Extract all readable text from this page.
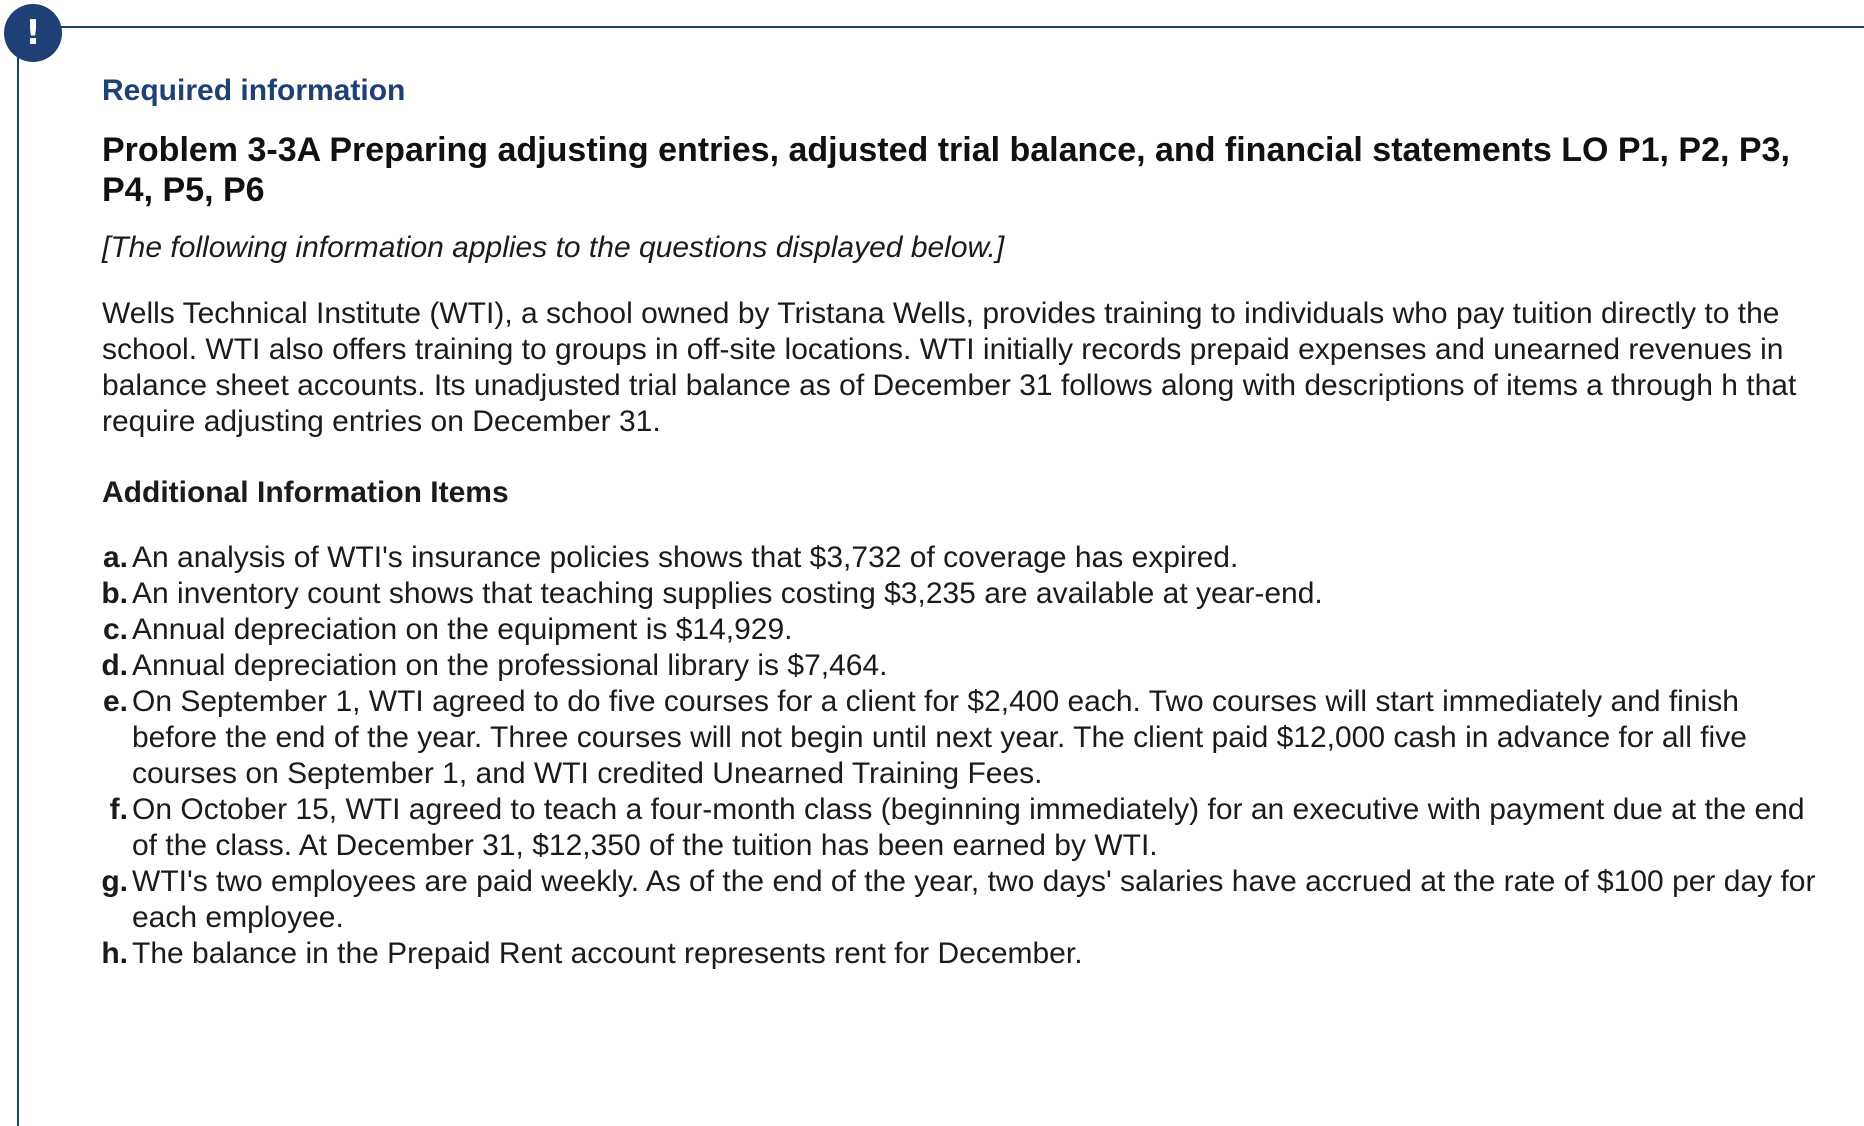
!
Required information
Problem 3-3A Preparing adjusting entries, adjusted trial balance, and financial statements LO P1, P2, P3, P4, P5, P6
[The following information applies to the questions displayed below.]
Wells Technical Institute (WTI), a school owned by Tristana Wells, provides training to individuals who pay tuition directly to the school. WTI also offers training to groups in off-site locations. WTI initially records prepaid expenses and unearned revenues in balance sheet accounts. Its unadjusted trial balance as of December 31 follows along with descriptions of items a through h that require adjusting entries on December 31.
Additional Information Items
a. An analysis of WTI's insurance policies shows that $3,732 of coverage has expired.
b. An inventory count shows that teaching supplies costing $3,235 are available at year-end.
c. Annual depreciation on the equipment is $14,929.
d. Annual depreciation on the professional library is $7,464.
e. On September 1, WTI agreed to do five courses for a client for $2,400 each. Two courses will start immediately and finish before the end of the year. Three courses will not begin until next year. The client paid $12,000 cash in advance for all five courses on September 1, and WTI credited Unearned Training Fees.
f. On October 15, WTI agreed to teach a four-month class (beginning immediately) for an executive with payment due at the end of the class. At December 31, $12,350 of the tuition has been earned by WTI.
g. WTI's two employees are paid weekly. As of the end of the year, two days' salaries have accrued at the rate of $100 per day for each employee.
h. The balance in the Prepaid Rent account represents rent for December.
